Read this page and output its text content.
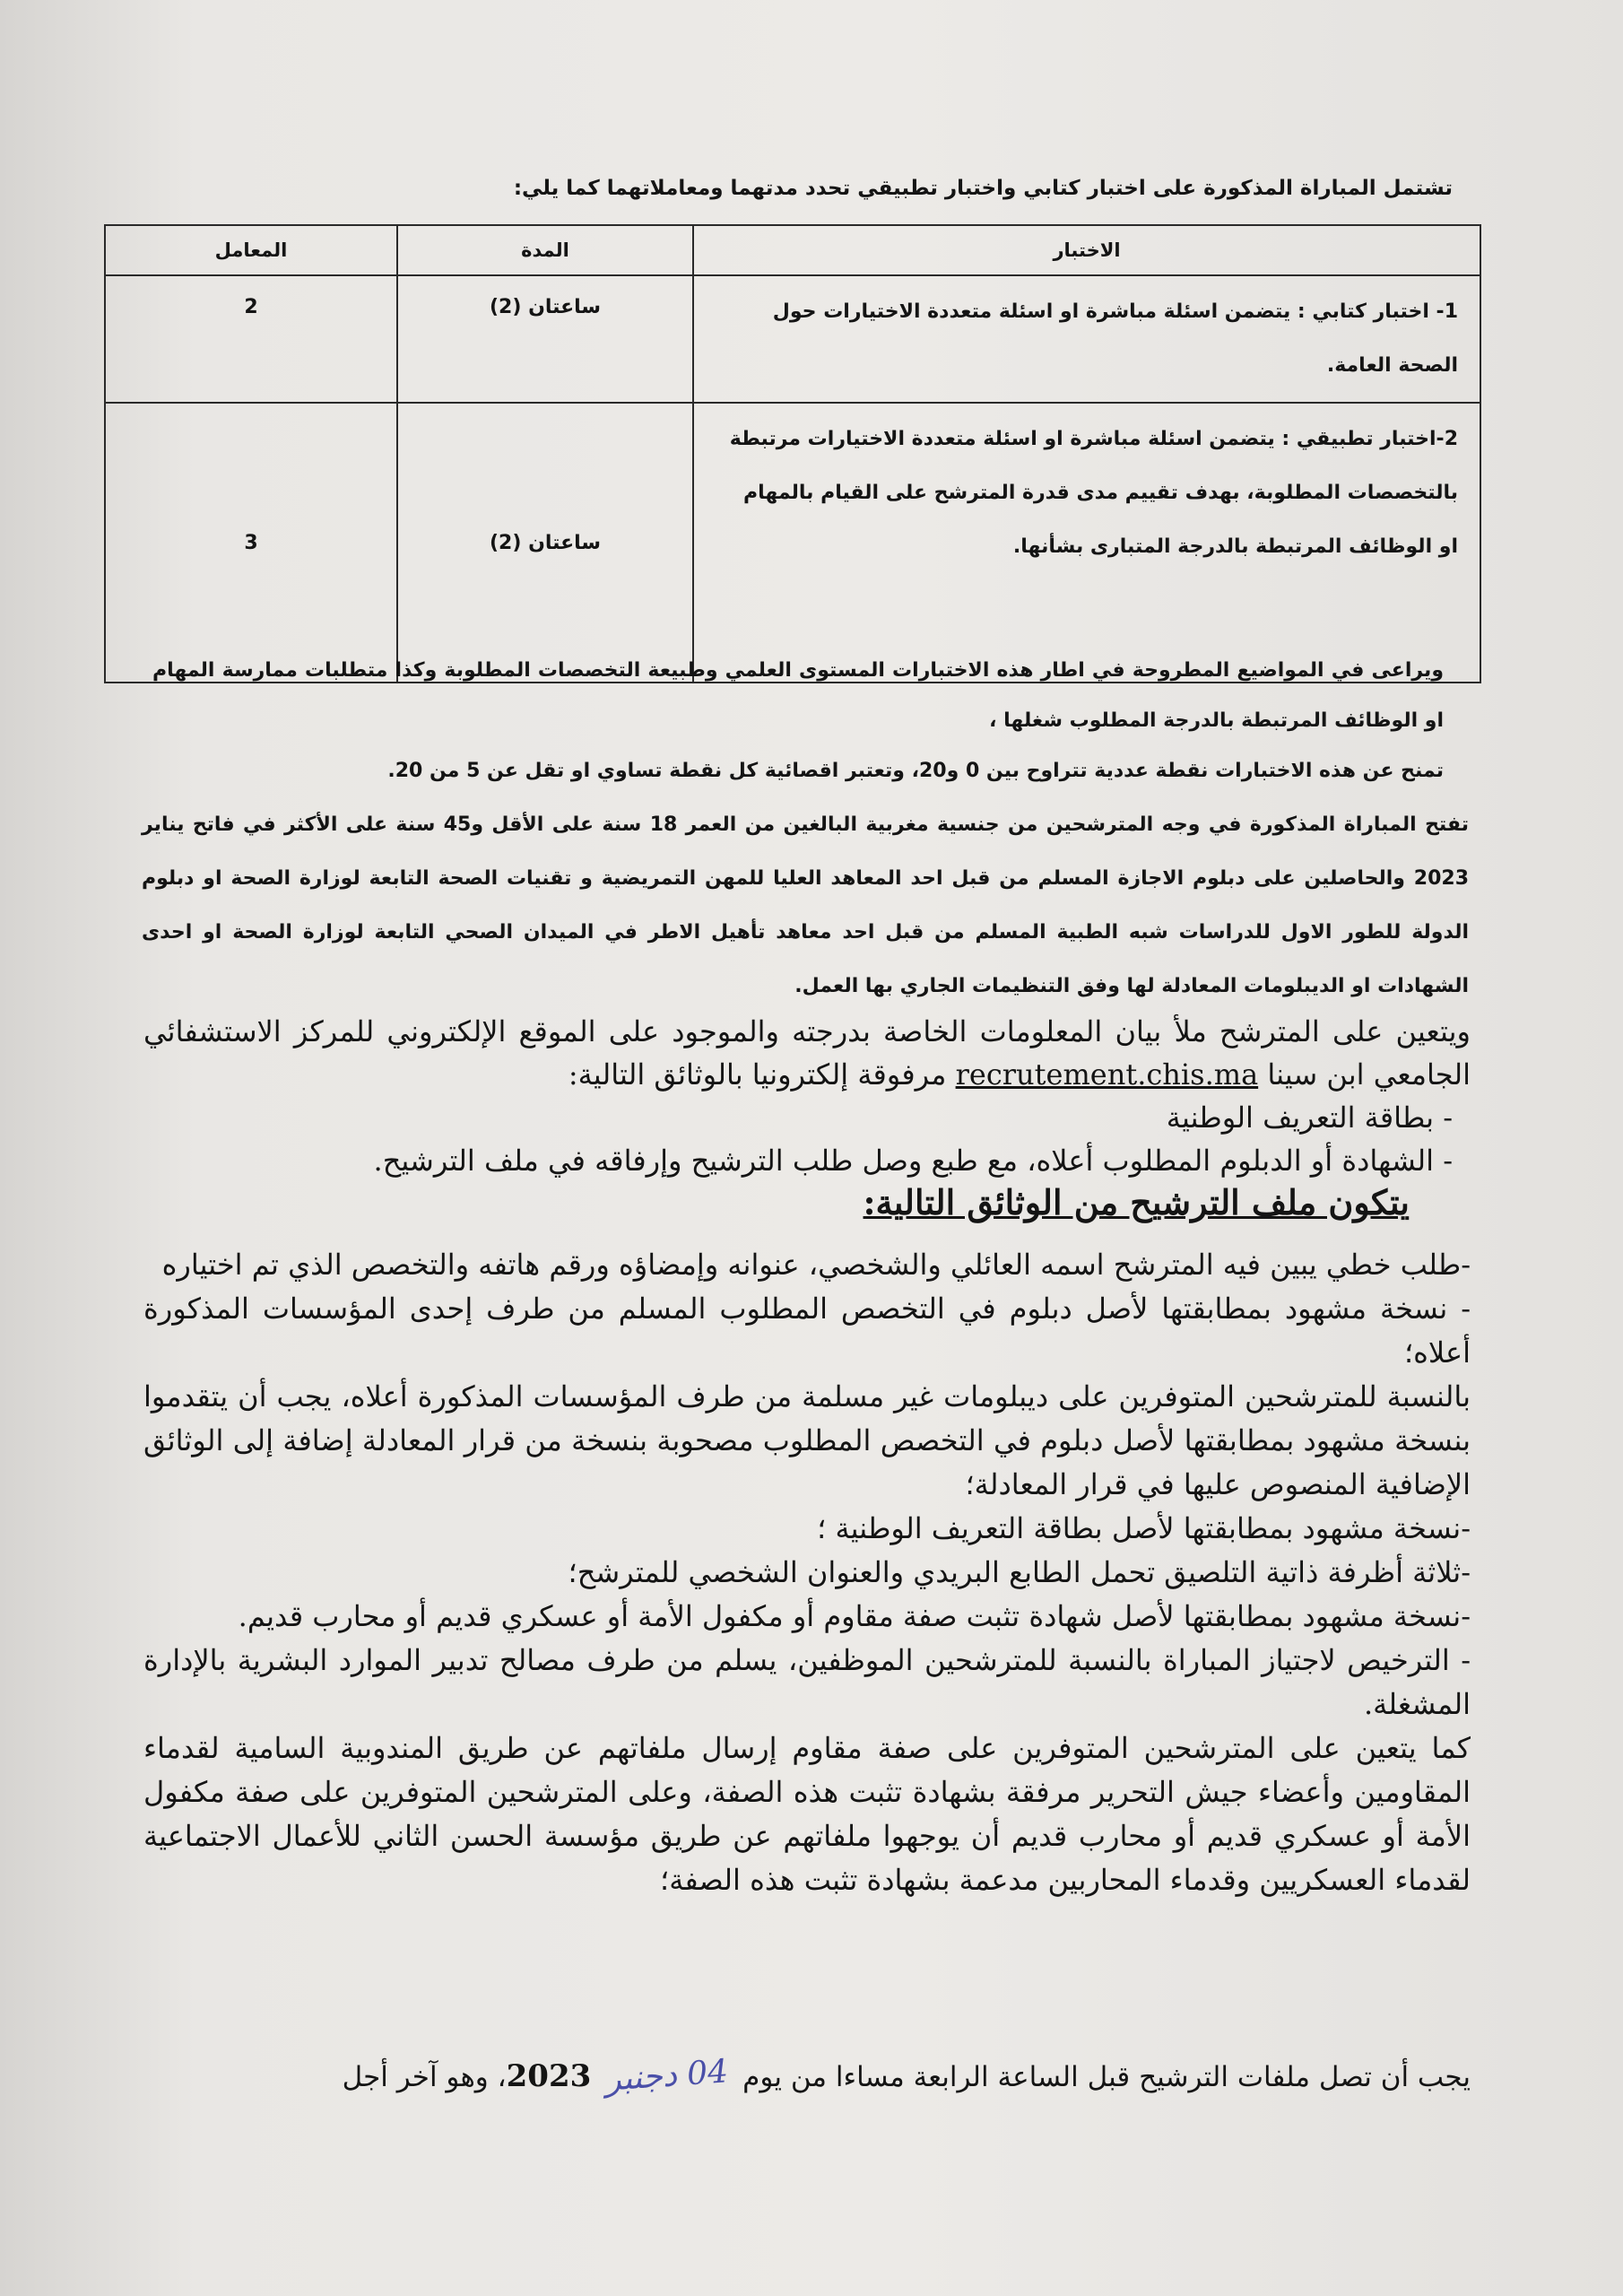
تشتمل المباراة المذكورة على اختبار كتابي واختبار تطبيقي تحدد مدتهما ومعاملاتهما كما يلي:
الاختبار	المدة	المعامل
1- اختبار كتابي : يتضمن اسئلة مباشرة او اسئلة متعددة الاختيارات حول الصحة العامة.	ساعتان (2)	2
2-اختبار تطبيقي : يتضمن اسئلة مباشرة او اسئلة متعددة الاختيارات مرتبطة بالتخصصات المطلوبة، بهدف تقييم مدى قدرة المترشح على القيام بالمهام او الوظائف المرتبطة بالدرجة المتبارى بشأنها.	ساعتان (2)	3
ويراعى في المواضيع المطروحة في اطار هذه الاختبارات المستوى العلمي وطبيعة التخصصات المطلوبة وكذا متطلبات ممارسة المهام او الوظائف المرتبطة بالدرجة المطلوب شغلها ،
تمنح عن هذه الاختبارات نقطة عددية تتراوح بين 0 و20، وتعتبر اقصائية كل نقطة تساوي او تقل عن 5 من 20.
تفتح المباراة المذكورة في وجه المترشحين من جنسية مغربية البالغين من العمر 18 سنة على الأقل و45 سنة على الأكثر في فاتح يناير 2023 والحاصلين على دبلوم الاجازة المسلم من قبل احد المعاهد العليا للمهن التمريضية و تقنيات الصحة التابعة لوزارة الصحة او دبلوم الدولة للطور الاول للدراسات شبه الطبية المسلم من قبل احد معاهد تأهيل الاطر في الميدان الصحي التابعة لوزارة الصحة او احدى الشهادات او الديبلومات المعادلة لها وفق التنظيمات الجاري بها العمل.
ويتعين على المترشح ملأ بيان المعلومات الخاصة بدرجته والموجود على الموقع الإلكتروني للمركز الاستشفائي الجامعي ابن سينا recrutement.chis.ma مرفوقة إلكترونيا بالوثائق التالية:
- بطاقة التعريف الوطنية
- الشهادة أو الدبلوم المطلوب أعلاه، مع طبع وصل طلب الترشيح وإرفاقه في ملف الترشيح.
يتكون ملف الترشيح من الوثائق التالية:

-طلب خطي يبين فيه المترشح اسمه العائلي والشخصي، عنوانه وإمضاؤه ورقم هاتفه والتخصص الذي تم اختياره

- نسخة مشهود بمطابقتها لأصل دبلوم في التخصص المطلوب المسلم من طرف إحدى المؤسسات المذكورة أعلاه؛

بالنسبة للمترشحين المتوفرين على ديبلومات غير مسلمة من طرف المؤسسات المذكورة أعلاه، يجب أن يتقدموا بنسخة مشهود بمطابقتها لأصل دبلوم في التخصص المطلوب مصحوبة بنسخة من قرار المعادلة إضافة إلى الوثائق الإضافية المنصوص عليها في قرار المعادلة؛

-نسخة مشهود بمطابقتها لأصل بطاقة التعريف الوطنية ؛

-ثلاثة أظرفة ذاتية التلصيق تحمل الطابع البريدي والعنوان الشخصي للمترشح؛

-نسخة مشهود بمطابقتها لأصل شهادة تثبت صفة مقاوم أو مكفول الأمة أو عسكري قديم أو محارب قديم.

- الترخيص لاجتياز المباراة بالنسبة للمترشحين الموظفين، يسلم من طرف مصالح تدبير الموارد البشرية بالإدارة المشغلة.

كما يتعين على المترشحين المتوفرين على صفة مقاوم إرسال ملفاتهم عن طريق المندوبية السامية لقدماء المقاومين وأعضاء جيش التحرير مرفقة بشهادة تثبت هذه الصفة، وعلى المترشحين المتوفرين على صفة مكفول الأمة أو عسكري قديم أو محارب قديم أن يوجهوا ملفاتهم عن طريق مؤسسة الحسن الثاني للأعمال الاجتماعية لقدماء العسكريين وقدماء المحاربين مدعمة بشهادة تثبت هذه الصفة؛

يجب أن تصل ملفات الترشيح قبل الساعة الرابعة مساءا من يوم 04 دجنبر 2023، وهو آخر أجل
